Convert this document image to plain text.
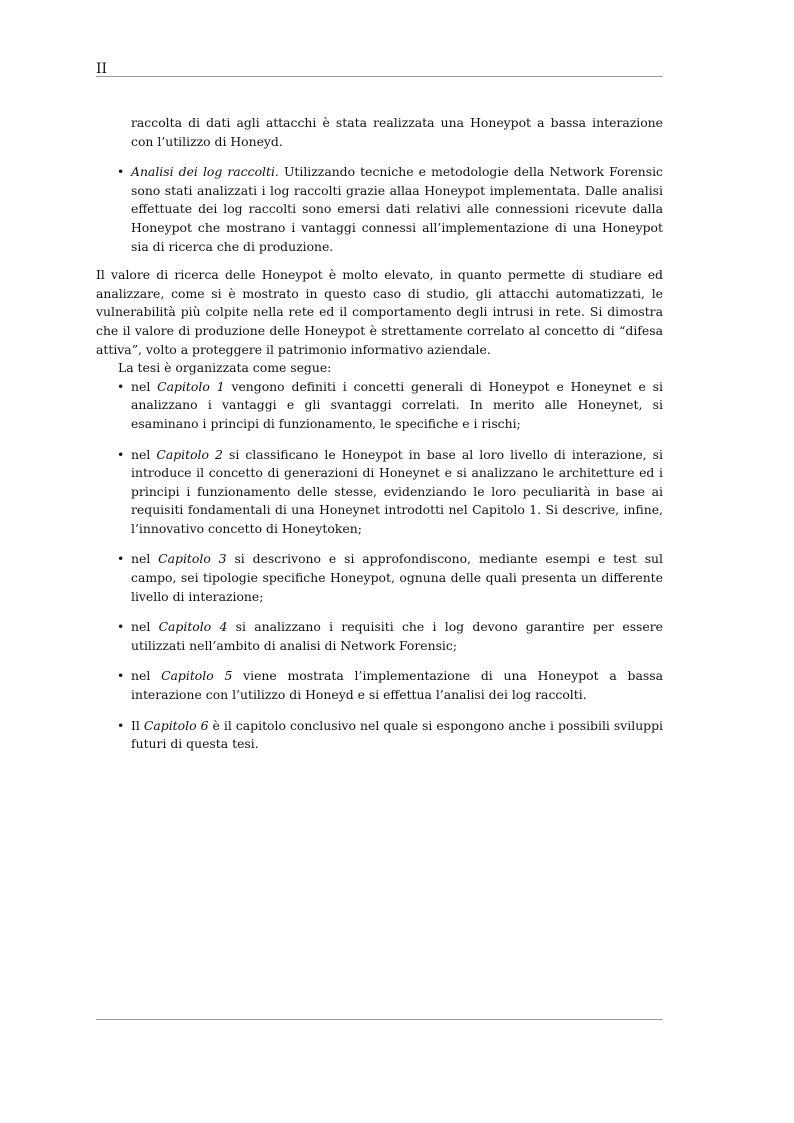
II

raccolta di dati agli attacchi è stata realizzata una Honeypot a bassa interazione con l’utilizzo di Honeyd.

• Analisi dei log raccolti. Utilizzando tecniche e metodologie della Network Forensic sono stati analizzati i log raccolti grazie allaa Honeypot implementata. Dalle analisi effettuate dei log raccolti sono emersi dati relativi alle connessioni ricevute dalla Honeypot che mostrano i vantaggi connessi all’implementazione di una Honeypot sia di ricerca che di produzione.

Il valore di ricerca delle Honeypot è molto elevato, in quanto permette di studiare ed analizzare, come si è mostrato in questo caso di studio, gli attacchi automatizzati, le vulnerabilità più colpite nella rete ed il comportamento degli intrusi in rete. Si dimostra che il valore di produzione delle Honeypot è strettamente correlato al concetto di “difesa attiva”, volto a proteggere il patrimonio informativo aziendale.

La tesi è organizzata come segue:

• nel Capitolo 1 vengono definiti i concetti generali di Honeypot e Honeynet e si analizzano i vantaggi e gli svantaggi correlati. In merito alle Honeynet, si esaminano i principi di funzionamento, le specifiche e i rischi;
• nel Capitolo 2 si classificano le Honeypot in base al loro livello di interazione, si introduce il concetto di generazioni di Honeynet e si analizzano le architetture ed i principi i funzionamento delle stesse, evidenziando le loro peculiarità in base ai requisiti fondamentali di una Honeynet introdotti nel Capitolo 1. Si descrive, infine, l’innovativo concetto di Honeytoken;
• nel Capitolo 3 si descrivono e si approfondiscono, mediante esempi e test sul campo, sei tipologie specifiche Honeypot, ognuna delle quali presenta un differente livello di interazione;
• nel Capitolo 4 si analizzano i requisiti che i log devono garantire per essere utilizzati nell’ambito di analisi di Network Forensic;
• nel Capitolo 5 viene mostrata l’implementazione di una Honeypot a bassa interazione con l’utilizzo di Honeyd e si effettua l’analisi dei log raccolti.
• Il Capitolo 6 è il capitolo conclusivo nel quale si espongono anche i possibili sviluppi futuri di questa tesi.
